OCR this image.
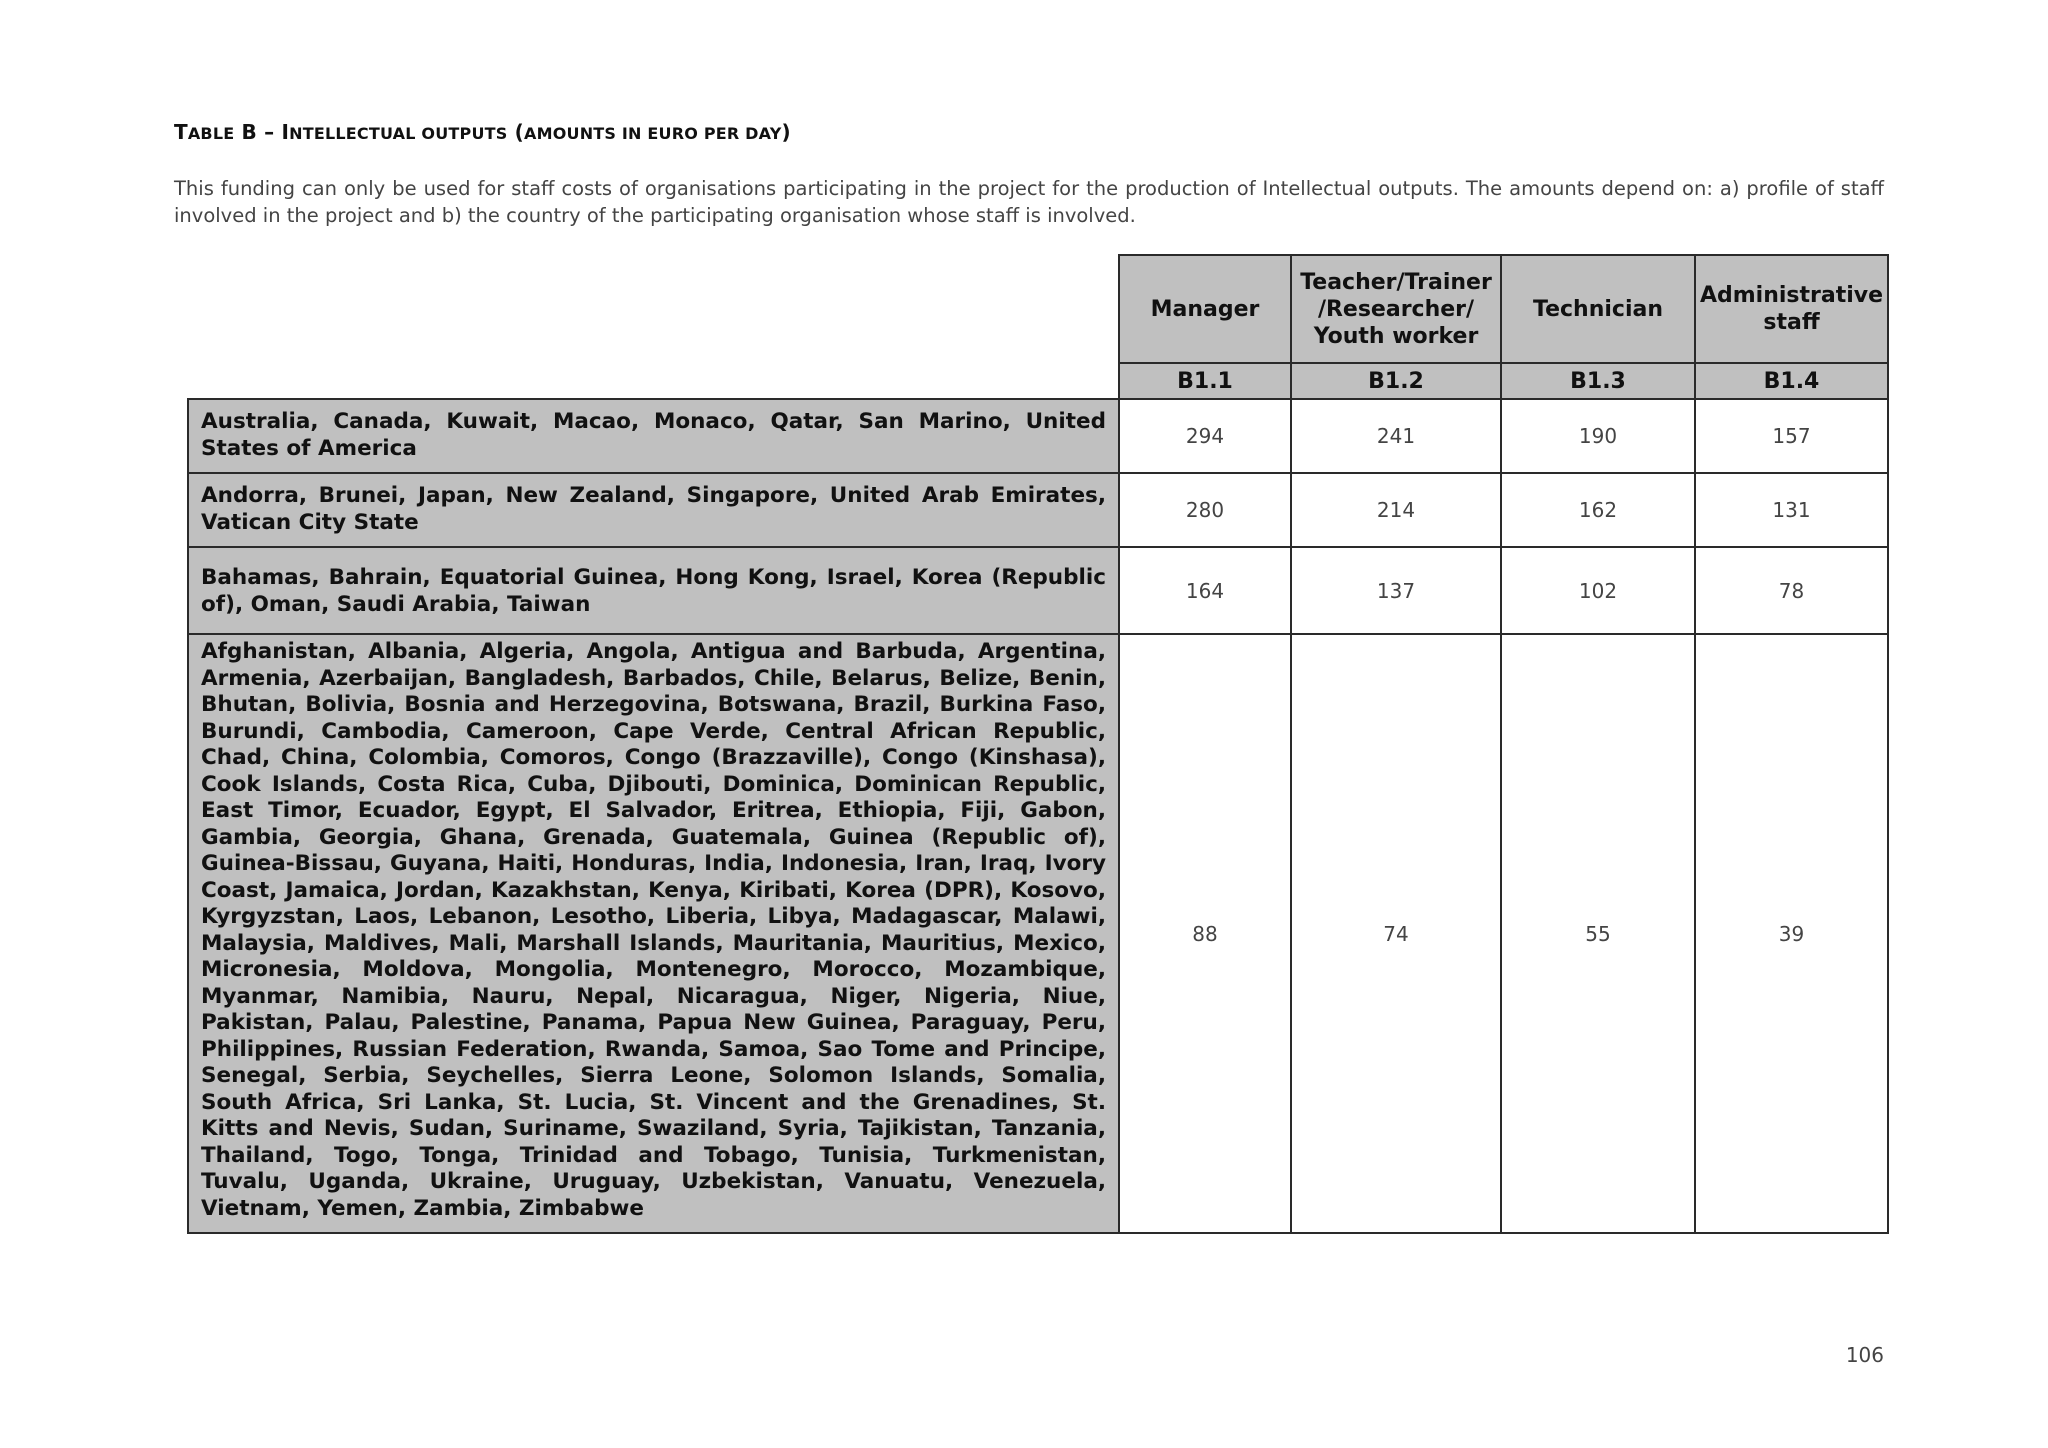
TABLE B – INTELLECTUAL OUTPUTS (AMOUNTS IN EURO PER DAY)

This funding can only be used for staff costs of organisations participating in the project for the production of Intellectual outputs. The amounts depend on: a) profile of staff involved in the project and b) the country of the participating organisation whose staff is involved.

	Manager	Teacher/Trainer /Researcher/ Youth worker	Technician	Administrative staff
	B1.1	B1.2	B1.3	B1.4
Australia, Canada, Kuwait, Macao, Monaco, Qatar, San Marino, United States of America	294	241	190	157
Andorra, Brunei, Japan, New Zealand, Singapore, United Arab Emirates, Vatican City State	280	214	162	131
Bahamas, Bahrain, Equatorial Guinea, Hong Kong, Israel, Korea (Republic of), Oman, Saudi Arabia, Taiwan	164	137	102	78
Afghanistan, Albania, Algeria, Angola, Antigua and Barbuda, Argentina, Armenia, Azerbaijan, Bangladesh, Barbados, Chile, Belarus, Belize, Benin, Bhutan, Bolivia, Bosnia and Herzegovina, Botswana, Brazil, Burkina Faso, Burundi, Cambodia, Cameroon, Cape Verde, Central African Republic, Chad, China, Colombia, Comoros, Congo (Brazzaville), Congo (Kinshasa), Cook Islands, Costa Rica, Cuba, Djibouti, Dominica, Dominican Republic, East Timor, Ecuador, Egypt, El Salvador, Eritrea, Ethiopia, Fiji, Gabon, Gambia, Georgia, Ghana, Grenada, Guatemala, Guinea (Republic of), Guinea-Bissau, Guyana, Haiti, Honduras, India, Indonesia, Iran, Iraq, Ivory Coast, Jamaica, Jordan, Kazakhstan, Kenya, Kiribati, Korea (DPR), Kosovo, Kyrgyzstan, Laos, Lebanon, Lesotho, Liberia, Libya, Madagascar, Malawi, Malaysia, Maldives, Mali, Marshall Islands, Mauritania, Mauritius, Mexico, Micronesia, Moldova, Mongolia, Montenegro, Morocco, Mozambique, Myanmar, Namibia, Nauru, Nepal, Nicaragua, Niger, Nigeria, Niue, Pakistan, Palau, Palestine, Panama, Papua New Guinea, Paraguay, Peru, Philippines, Russian Federation, Rwanda, Samoa, Sao Tome and Principe, Senegal, Serbia, Seychelles, Sierra Leone, Solomon Islands, Somalia, South Africa, Sri Lanka, St. Lucia, St. Vincent and the Grenadines, St. Kitts and Nevis, Sudan, Suriname, Swaziland, Syria, Tajikistan, Tanzania, Thailand, Togo, Tonga, Trinidad and Tobago, Tunisia, Turkmenistan, Tuvalu, Uganda, Ukraine, Uruguay, Uzbekistan, Vanuatu, Venezuela, Vietnam, Yemen, Zambia, Zimbabwe	88	74	55	39

106
